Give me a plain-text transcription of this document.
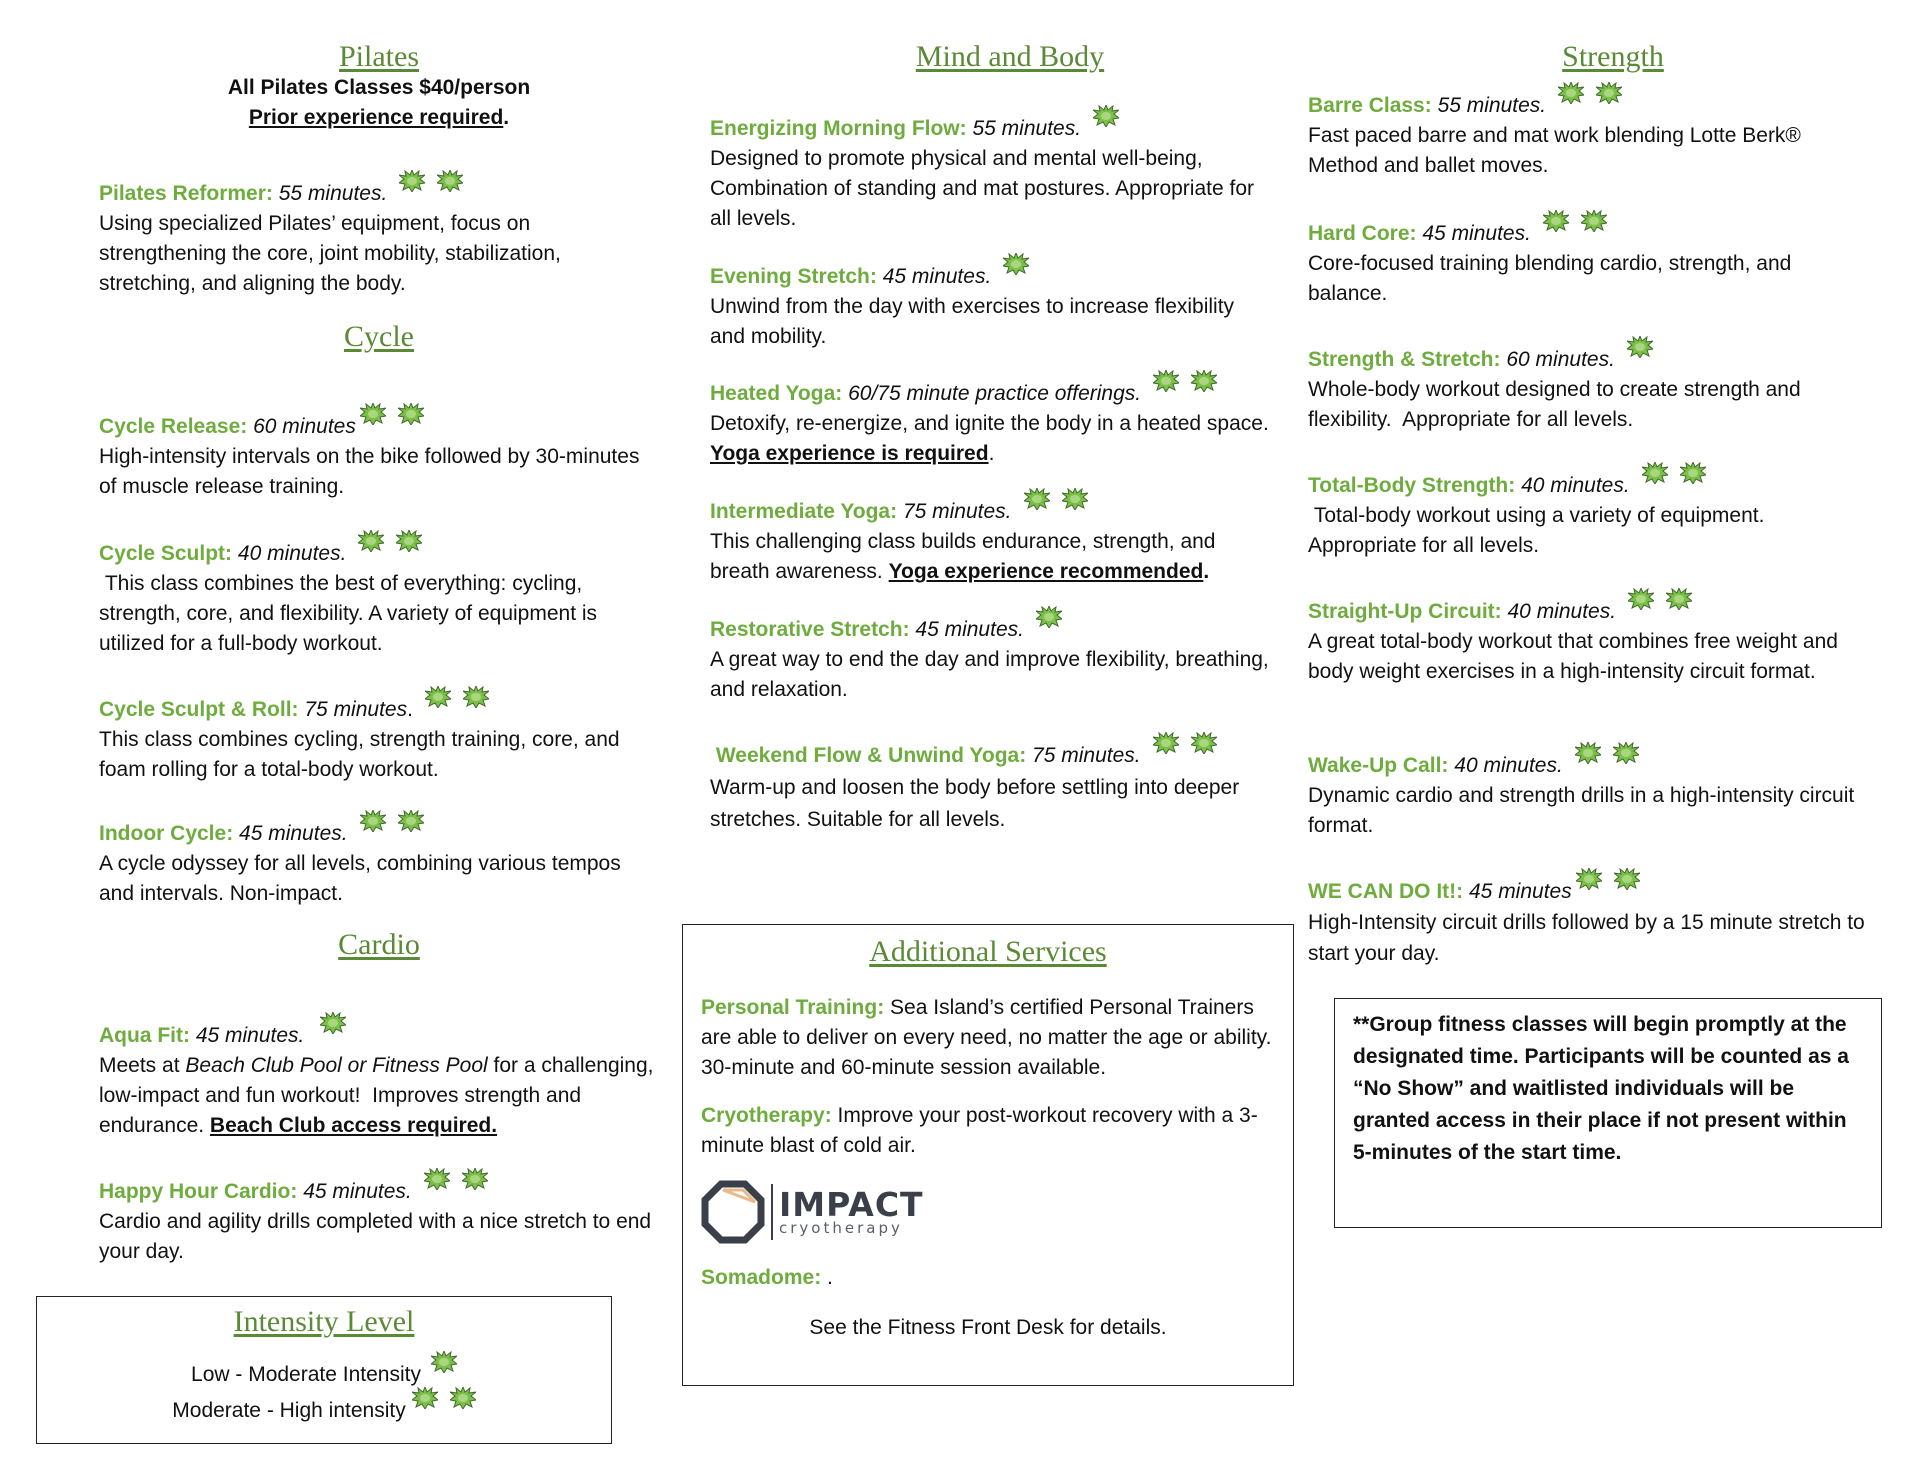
Pilates
All Pilates Classes $40/person
Prior experience required.
Pilates Reformer: 55 minutes.
Using specialized Pilates’ equipment, focus on strengthening the core, joint mobility, stabilization, stretching, and aligning the body.
Cycle
Cycle Release: 60 minutes
High-intensity intervals on the bike followed by 30-minutes of muscle release training.
Cycle Sculpt: 40 minutes.
This class combines the best of everything: cycling, strength, core, and flexibility. A variety of equipment is utilized for a full-body workout.
Cycle Sculpt & Roll: 75 minutes.
This class combines cycling, strength training, core, and foam rolling for a total-body workout.
Indoor Cycle: 45 minutes.
A cycle odyssey for all levels, combining various tempos and intervals. Non-impact.
Cardio
Aqua Fit: 45 minutes.
Meets at Beach Club Pool or Fitness Pool for a challenging, low-impact and fun workout!  Improves strength and endurance. Beach Club access required.
Happy Hour Cardio: 45 minutes.
Cardio and agility drills completed with a nice stretch to end your day.
Intensity Level
Low - Moderate Intensity
Moderate - High intensity
Mind and Body
Energizing Morning Flow: 55 minutes.
Designed to promote physical and mental well-being, Combination of standing and mat postures. Appropriate for all levels.
Evening Stretch: 45 minutes.
Unwind from the day with exercises to increase flexibility and mobility.
Heated Yoga: 60/75 minute practice offerings.
Detoxify, re-energize, and ignite the body in a heated space.   Yoga experience is required.
Intermediate Yoga: 75 minutes.
This challenging class builds endurance, strength, and breath awareness. Yoga experience recommended.
Restorative Stretch: 45 minutes.
A great way to end the day and improve flexibility, breathing, and relaxation.
Weekend Flow & Unwind Yoga: 75 minutes.
Warm-up and loosen the body before settling into deeper stretches. Suitable for all levels.
Additional Services
Personal Training: Sea Island’s certified Personal Trainers are able to deliver on every need, no matter the age or ability. 30-minute and 60-minute session available.
Cryotherapy: Improve your post-workout recovery with a 3-minute blast of cold air.
IMPACT
cryotherapy
Somadome: .
See the Fitness Front Desk for details.
Strength
Barre Class: 55 minutes.
Fast paced barre and mat work blending Lotte Berk® Method and ballet moves.
Hard Core: 45 minutes.
Core-focused training blending cardio, strength, and balance.
Strength & Stretch: 60 minutes.
Whole-body workout designed to create strength and flexibility.  Appropriate for all levels.
Total-Body Strength: 40 minutes.
Total-body workout using a variety of equipment. Appropriate for all levels.
Straight-Up Circuit: 40 minutes.
A great total-body workout that combines free weight and body weight exercises in a high-intensity circuit format.
Wake-Up Call: 40 minutes.
Dynamic cardio and strength drills in a high-intensity circuit format.
WE CAN DO It!: 45 minutes
High-Intensity circuit drills followed by a 15 minute stretch to start your day.
**Group fitness classes will begin promptly at the designated time. Participants will be counted as a “No Show” and waitlisted individuals will be granted access in their place if not present within 5-minutes of the start time.
